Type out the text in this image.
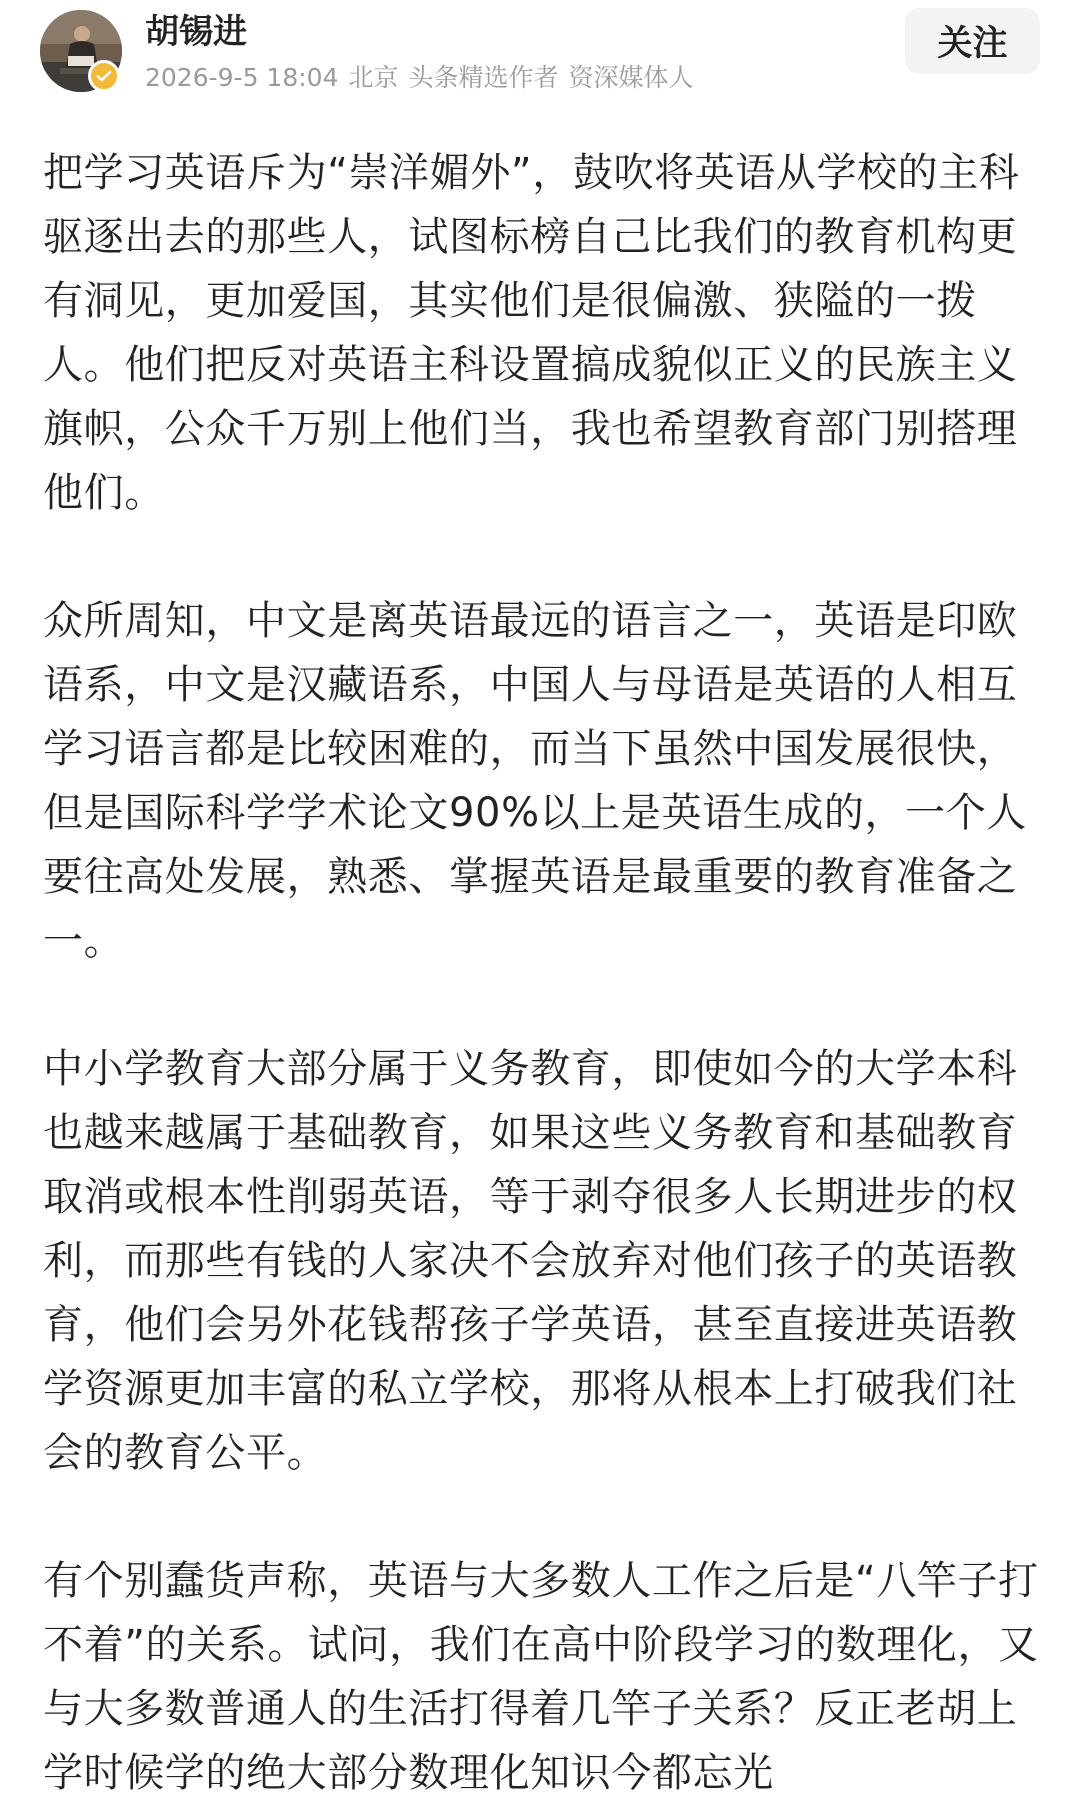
胡锡进
2026-9-5 18:04 北京 头条精选作者 资深媒体人
关注

把学习英语斥为“崇洋媚外”，鼓吹将英语从学校的主科驱逐出去的那些人，试图标榜自己比我们的教育机构更有洞见，更加爱国，其实他们是很偏激、狭隘的一拨人。他们把反对英语主科设置搞成貌似正义的民族主义旗帜，公众千万别上他们当，我也希望教育部门别搭理他们。

众所周知，中文是离英语最远的语言之一，英语是印欧语系，中文是汉藏语系，中国人与母语是英语的人相互学习语言都是比较困难的，而当下虽然中国发展很快，但是国际科学学术论文90%以上是英语生成的，一个人要往高处发展，熟悉、掌握英语是最重要的教育准备之一。

中小学教育大部分属于义务教育，即使如今的大学本科也越来越属于基础教育，如果这些义务教育和基础教育取消或根本性削弱英语，等于剥夺很多人长期进步的权利，而那些有钱的人家决不会放弃对他们孩子的英语教育，他们会另外花钱帮孩子学英语，甚至直接进英语教学资源更加丰富的私立学校，那将从根本上打破我们社会的教育公平。

有个别蠢货声称，英语与大多数人工作之后是“八竿子打不着”的关系。试问，我们在高中阶段学习的数理化，又与大多数普通人的生活打得着几竿子关系？反正老胡上学时候学的绝大部分数理化知识今都忘光
